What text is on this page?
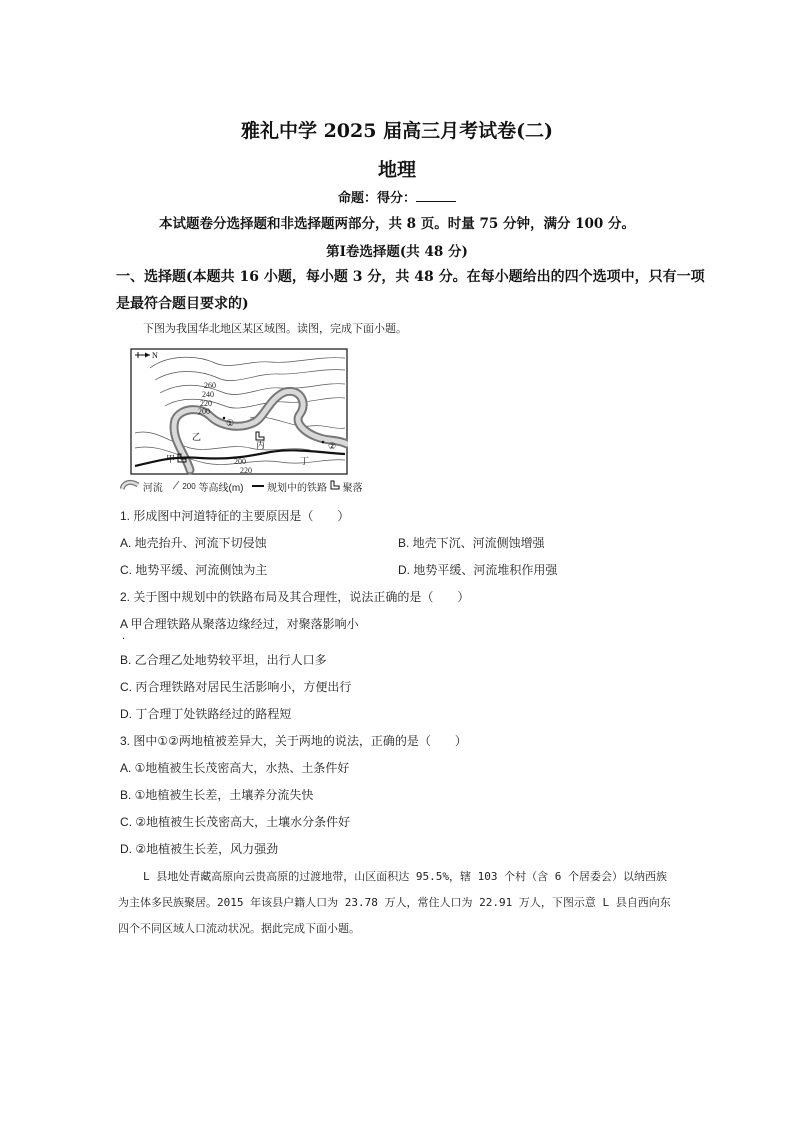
雅礼中学 2025 届高三月考试卷(二)
地理
命题：得分：
本试题卷分选择题和非选择题两部分，共 8 页。时量 75 分钟，满分 100 分。
第Ⅰ卷选择题(共 48 分)
一、选择题(本题共 16 小题，每小题 3 分，共 48 分。在每小题给出的四个选项中，只有一项
是最符合题目要求的)
下图为我国华北地区某区域图。读图，完成下面小题。
N
260
240
220
200
200
220
甲
乙
丙
丁
①
②
河流 200 等高线(m) 规划中的铁路 聚落
1. 形成图中河道特征的主要原因是（　　）
A. 地壳抬升、河流下切侵蚀	B. 地壳下沉、河流侧蚀增强
C. 地势平缓、河流侧蚀为主	D. 地势平缓、河流堆积作用强
2. 关于图中规划中的铁路布局及其合理性，说法正确的是（　　）
A 甲合理铁路从聚落边缘经过，对聚落影响小
·
B. 乙合理乙处地势较平坦，出行人口多
C. 丙合理铁路对居民生活影响小，方便出行
D. 丁合理丁处铁路经过的路程短
3. 图中①②两地植被差异大，关于两地的说法，正确的是（　　）
A. ①地植被生长茂密高大，水热、土条件好
B. ①地植被生长差，土壤养分流失快
C. ②地植被生长茂密高大，土壤水分条件好
D. ②地植被生长差，风力强劲
L 县地处青藏高原向云贵高原的过渡地带，山区面积达 95.5%，辖 103 个村（含 6 个居委会）以纳西族
为主体多民族聚居。2015 年该县户籍人口为 23.78 万人，常住人口为 22.91 万人，下图示意 L 县自西向东
四个不同区域人口流动状况。据此完成下面小题。
